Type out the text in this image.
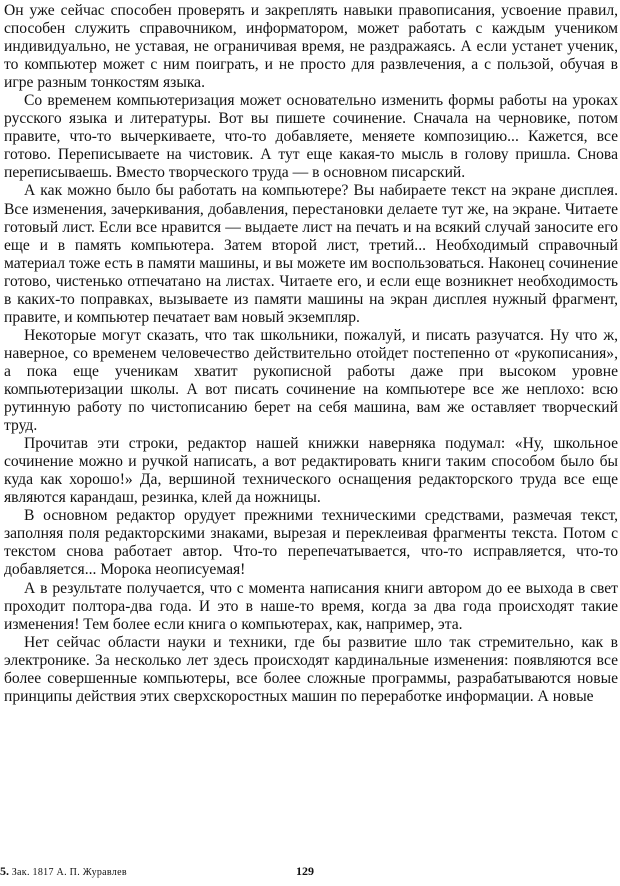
Он уже сейчас способен проверять и закреплять навыки правописания, усвоение правил, способен служить справочником, информатором, может работать с каждым учеником индивидуально, не уставая, не ограничивая время, не раздражаясь. А если устанет ученик, то компьютер может с ним поиграть, и не просто для развлечения, а с пользой, обучая в игре разным тонкостям языка.

Со временем компьютеризация может основательно изменить формы работы на уроках русского языка и литературы. Вот вы пишете сочинение. Сначала на черновике, потом правите, что-то вычеркиваете, что-то добавляете, меняете композицию... Кажется, все готово. Переписываете на чистовик. А тут еще какая-то мысль в голову пришла. Снова переписываешь. Вместо творческого труда — в основном писарский.

А как можно было бы работать на компьютере? Вы набираете текст на экране дисплея. Все изменения, зачеркивания, добавления, перестановки делаете тут же, на экране. Читаете готовый лист. Если все нравится — выдаете лист на печать и на всякий случай заносите его еще и в память компьютера. Затем второй лист, третий... Необходимый справочный материал тоже есть в памяти машины, и вы можете им воспользоваться. Наконец сочинение готово, чистенько отпечатано на листах. Читаете его, и если еще возникнет необходимость в каких-то поправках, вызываете из памяти машины на экран дисплея нужный фрагмент, правите, и компьютер печатает вам новый экземпляр.

Некоторые могут сказать, что так школьники, пожалуй, и писать разучатся. Ну что ж, наверное, со временем человечество действительно отойдет постепенно от «рукописания», а пока еще ученикам хватит рукописной работы даже при высоком уровне компьютеризации школы. А вот писать сочинение на компьютере все же неплохо: всю рутинную работу по чистописанию берет на себя машина, вам же оставляет творческий труд.

Прочитав эти строки, редактор нашей книжки наверняка подумал: «Ну, школьное сочинение можно и ручкой написать, а вот редактировать книги таким способом было бы куда как хорошо!» Да, вершиной технического оснащения редакторского труда все еще являются карандаш, резинка, клей да ножницы.

В основном редактор орудует прежними техническими средствами, размечая текст, заполняя поля редакторскими знаками, вырезая и переклеивая фрагменты текста. Потом с текстом снова работает автор. Что-то перепечатывается, что-то исправляется, что-то добавляется... Морока неописуемая!

А в результате получается, что с момента написания книги автором до ее выхода в свет проходит полтора-два года. И это в наше-то время, когда за два года происходят такие изменения! Тем более если книга о компьютерах, как, например, эта.

Нет сейчас области науки и техники, где бы развитие шло так стремительно, как в электронике. За несколько лет здесь происходят кардинальные изменения: появляются все более совершенные компьютеры, все более сложные программы, разрабатываются новые принципы действия этих сверхскоростных машин по переработке информации. А новые

5. Зак. 1817 А. П. Журавлев	129
